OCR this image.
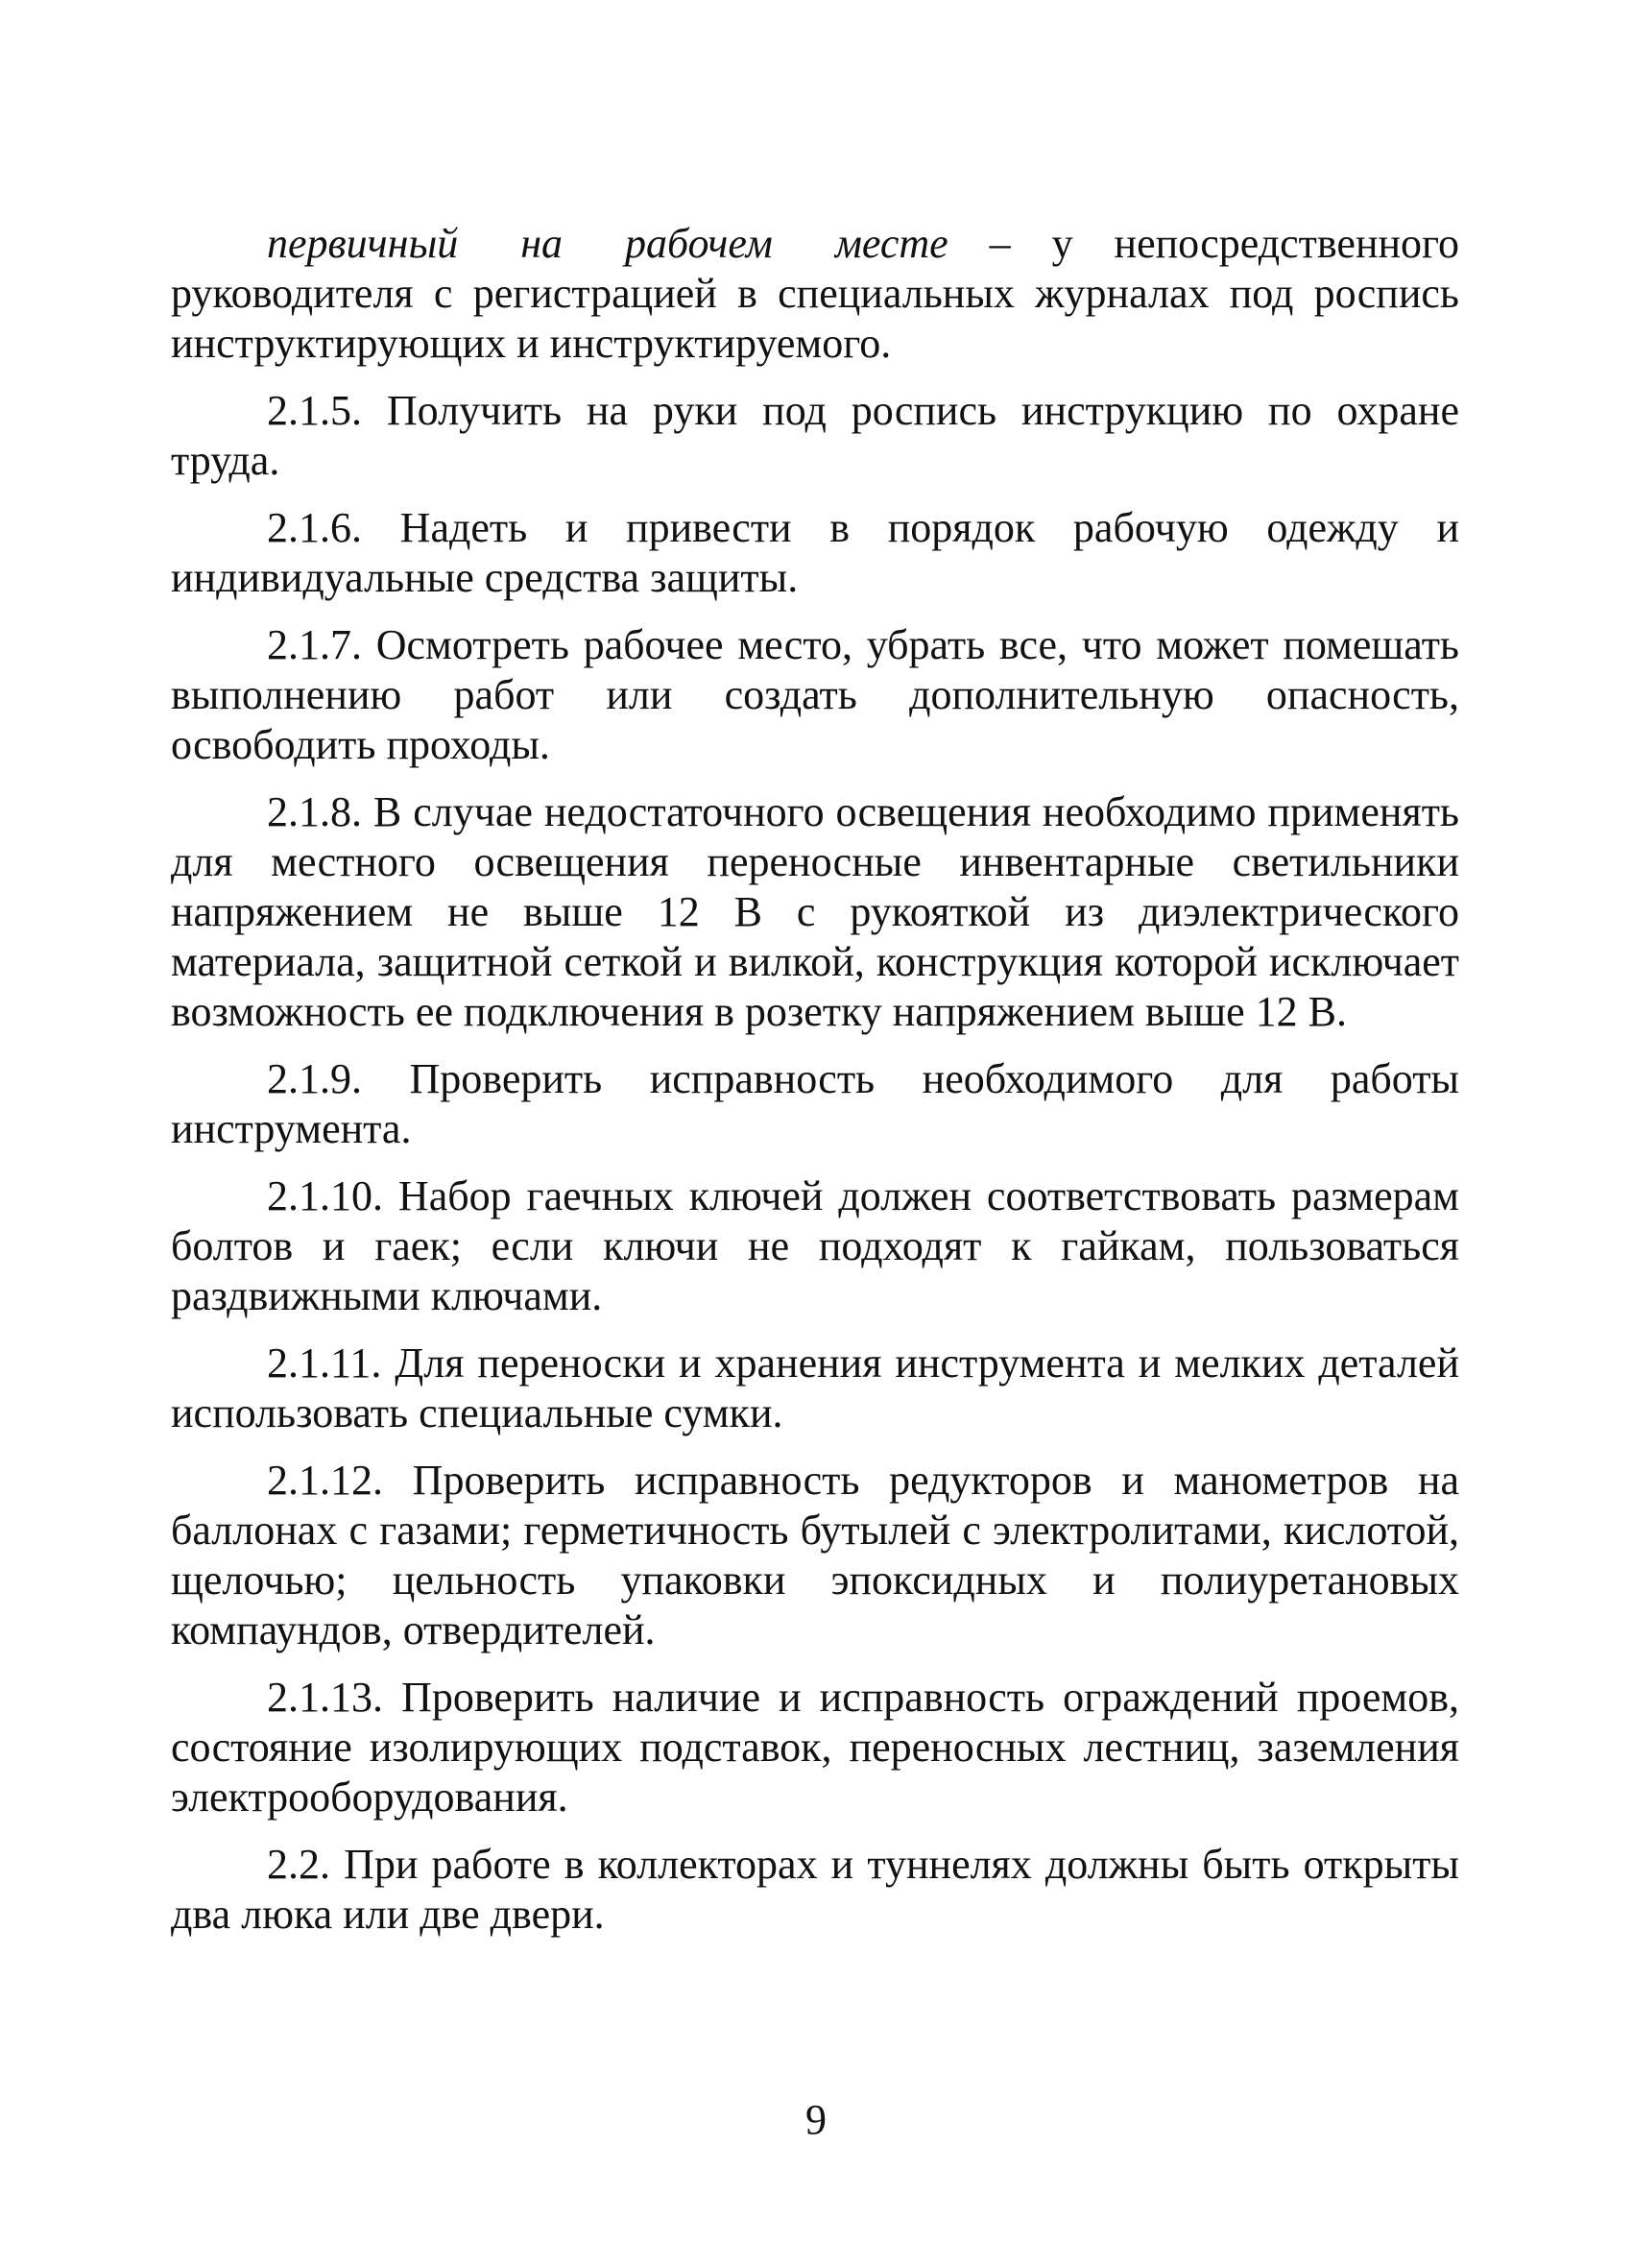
первичный на рабочем месте – у непосредственного руководителя с регистрацией в специальных журналах под роспись инструктирующих и инструктируемого.

2.1.5. Получить на руки под роспись инструкцию по охране труда.

2.1.6. Надеть и привести в порядок рабочую одежду и индивидуальные средства защиты.

2.1.7. Осмотреть рабочее место, убрать все, что может помешать выполнению работ или создать дополнительную опасность, освободить проходы.

2.1.8. В случае недостаточного освещения необходимо применять для местного освещения переносные инвентарные светильники напряжением не выше 12 В с рукояткой из диэлектрического материала, защитной сеткой и вилкой, конструкция которой исключает возможность ее подключения в розетку напряжением выше 12 В.

2.1.9. Проверить исправность необходимого для работы инструмента.

2.1.10. Набор гаечных ключей должен соответствовать размерам болтов и гаек; если ключи не подходят к гайкам, пользоваться раздвижными ключами.

2.1.11. Для переноски и хранения инструмента и мелких деталей использовать специальные сумки.

2.1.12. Проверить исправность редукторов и манометров на баллонах с газами; герметичность бутылей с электролитами, кислотой, щелочью; цельность упаковки эпоксидных и полиуретановых компаундов, отвердителей.

2.1.13. Проверить наличие и исправность ограждений проемов, состояние изолирующих подставок, переносных лестниц, заземления электрооборудования.

2.2. При работе в коллекторах и туннелях должны быть открыты два люка или две двери.

9
